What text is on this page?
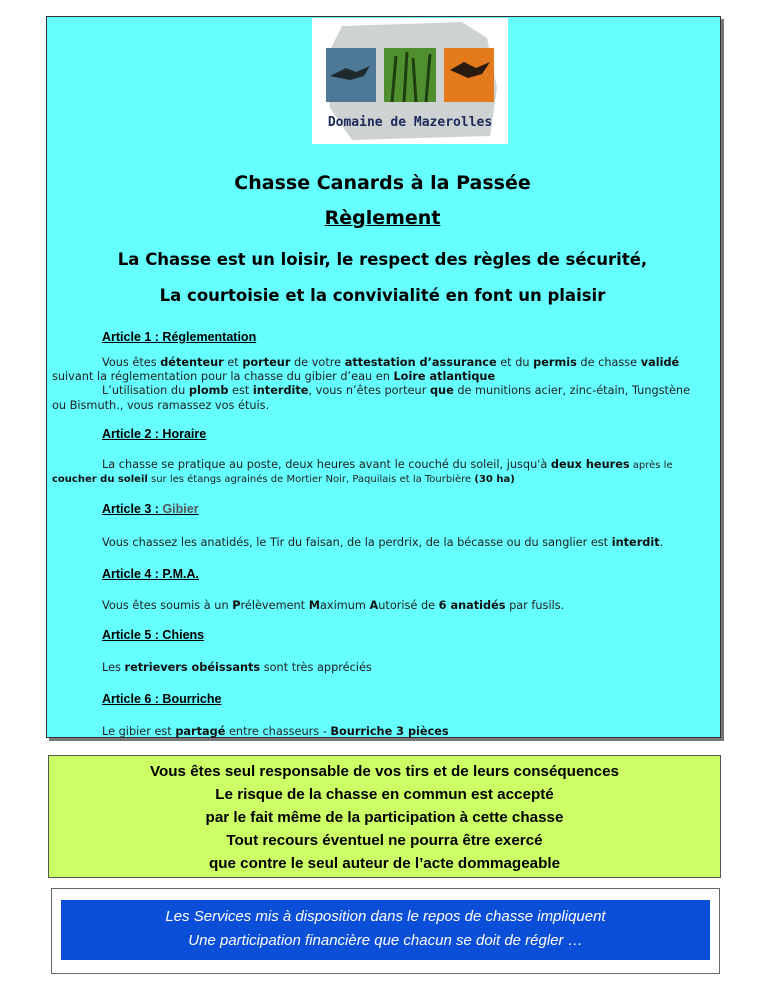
Domaine de Mazerolles
Chasse Canards à la Passée
Règlement
La Chasse est un loisir, le respect des règles de sécurité,
La courtoisie et la convivialité en font un plaisir
Article 1 : Réglementation
Vous êtes détenteur et porteur de votre attestation d’assurance et du permis de chasse validé
suivant la réglementation pour la chasse du gibier d’eau en Loire atlantique
L’utilisation du plomb est interdite, vous n’êtes porteur que de munitions acier, zinc-étain, Tungstène
ou Bismuth., vous ramassez vos étuis.
Article 2 : Horaire
La chasse se pratique au poste, deux heures avant le couché du soleil, jusqu'à deux heures après le
coucher du soleil sur les étangs agrainés de Mortier Noir, Paquilais et la Tourbière (30 ha)
Article 3 : Gibier
Vous chassez les anatidés, le Tir du faisan, de la perdrix, de la bécasse ou du sanglier est interdit.
Article 4 : P.M.A.
Vous êtes soumis à un Prélèvement Maximum Autorisé de 6 anatidés par fusils.
Article 5 : Chiens
Les retrievers obéissants sont très appréciés
Article 6 : Bourriche
Le gibier est partagé entre chasseurs - Bourriche 3 pièces
Vous êtes seul responsable de vos tirs et de leurs conséquences
Le risque de la chasse en commun est accepté
par le fait même de la participation à cette chasse
Tout recours éventuel ne pourra être exercé
que contre le seul auteur de l’acte dommageable
Les Services mis à disposition dans le repos de chasse impliquent
Une participation financière que chacun se doit de régler …
